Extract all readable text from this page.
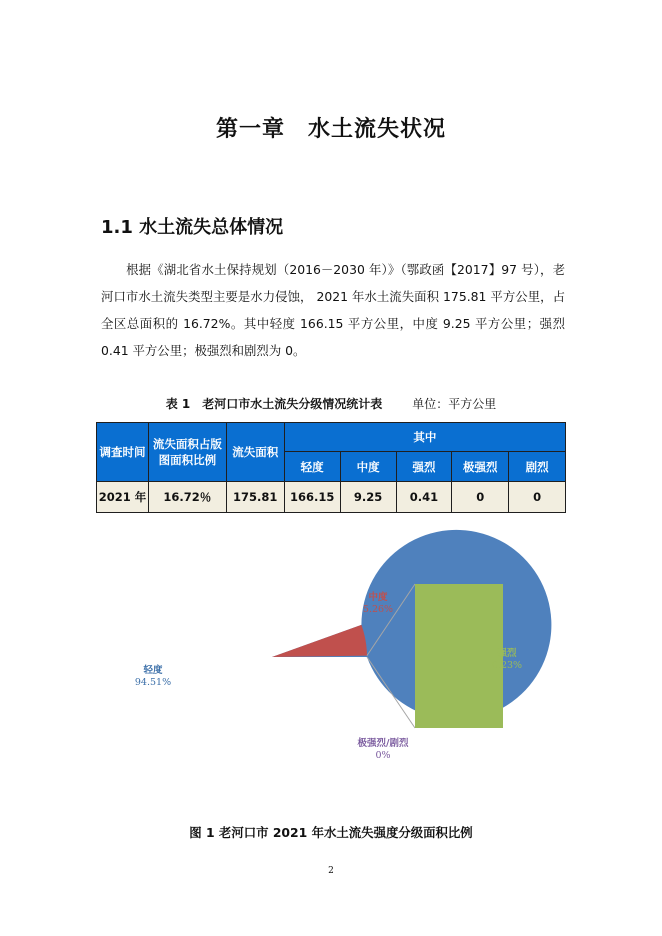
第一章　水土流失状况
1.1 水土流失总体情况
　　根据《湖北省水土保持规划（2016－2030 年）》（鄂政函【2017】97 号），老河口市水土流失类型主要是水力侵蚀， 2021 年水土流失面积 175.81 平方公里，占全区总面积的 16.72%。其中轻度 166.15 平方公里，中度 9.25 平方公里；强烈 0.41 平方公里；极强烈和剧烈为 0。
表 1　老河口市水土流失分级情况统计表	单位：平方公里
调查时间	流失面积占版图面积比例	流失面积	其中				
			轻度	中度	强烈	极强烈	剧烈
2021 年	16.72％	175.81	166.15	9.25	0.41	0	0
轻度
94.51%
中度
5.26%
强烈
0.23%
极强烈/剧烈
0%
图 1 老河口市 2021 年水土流失强度分级面积比例
2
